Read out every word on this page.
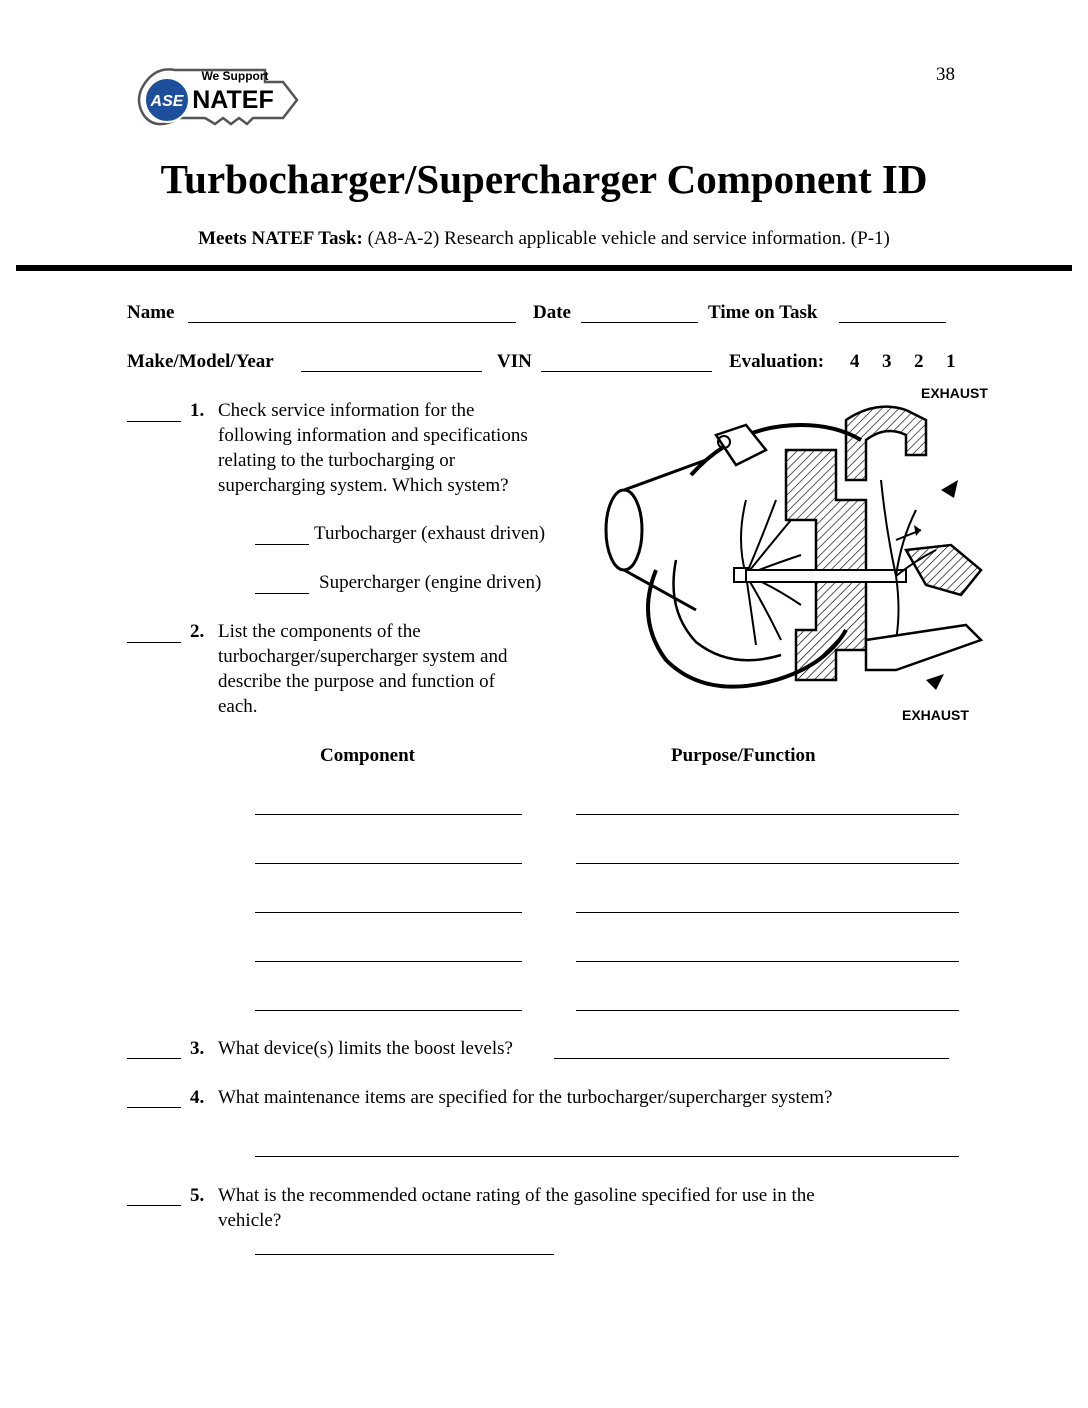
ASE
We Support
NATEF
38
Turbocharger/Supercharger Component ID
Meets NATEF Task: (A8-A-2) Research applicable vehicle and service information. (P-1)
Name	Date	Time on Task
Make/Model/Year	VIN	Evaluation: 4 3 2 1
1. Check service information for the
following information and specifications
relating to the turbocharging or
supercharging system. Which system?
Turbocharger (exhaust driven)
Supercharger (engine driven)
2. List the components of the
turbocharger/supercharger system and
describe the purpose and function of
each.
Component	Purpose/Function
3. What device(s) limits the boost levels?
4. What maintenance items are specified for the turbocharger/supercharger system?
5. What is the recommended octane rating of the gasoline specified for use in the
vehicle?
EXHAUST
EXHAUST
